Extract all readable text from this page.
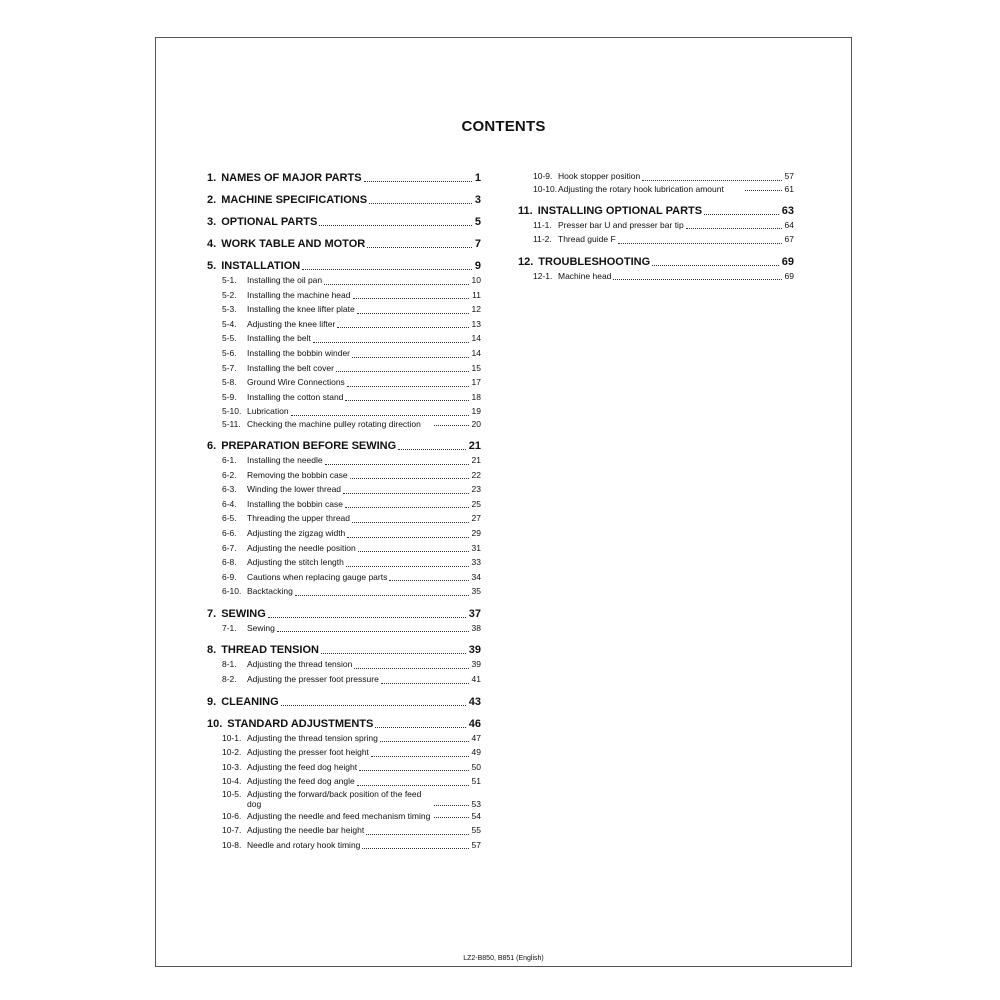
CONTENTS
1. NAMES OF MAJOR PARTS	1
2. MACHINE SPECIFICATIONS	3
3. OPTIONAL PARTS	5
4. WORK TABLE AND MOTOR	7
5. INSTALLATION	9
5-1.	Installing the oil pan	10
5-2.	Installing the machine head	11
5-3.	Installing the knee lifter plate	12
5-4.	Adjusting the knee lifter	13
5-5.	Installing the belt	14
5-6.	Installing the bobbin winder	14
5-7.	Installing the belt cover	15
5-8.	Ground Wire Connections	17
5-9.	Installing the cotton stand	18
5-10. Lubrication	19
5-11. Checking the machine pulley rotating direction	20
6. PREPARATION BEFORE SEWING	21
6-1.	Installing the needle	21
6-2.	Removing the bobbin case	22
6-3.	Winding the lower thread	23
6-4.	Installing the bobbin case	25
6-5.	Threading the upper thread	27
6-6.	Adjusting the zigzag width	29
6-7.	Adjusting the needle position	31
6-8.	Adjusting the stitch length	33
6-9.	Cautions when replacing gauge parts	34
6-10. Backtacking	35
7. SEWING	37
7-1.	Sewing	38
8. THREAD TENSION	39
8-1.	Adjusting the thread tension	39
8-2.	Adjusting the presser foot pressure	41
9. CLEANING	43
10. STANDARD ADJUSTMENTS	46
10-1. Adjusting the thread tension spring	47
10-2. Adjusting the presser foot height	49
10-3. Adjusting the feed dog height	50
10-4. Adjusting the feed dog angle	51
10-5. Adjusting the forward/back position of the feed dog	53
10-6. Adjusting the needle and feed mechanism timing	54
10-7. Adjusting the needle bar height	55
10-8. Needle and rotary hook timing	57
10-9. Hook stopper position	57
10-10. Adjusting the rotary hook lubrication amount	61
11. INSTALLING OPTIONAL PARTS	63
11-1. Presser bar U and presser bar tip	64
11-2. Thread guide F	67
12. TROUBLESHOOTING	69
12-1. Machine head	69
LZ2-B850, B851 (English)
